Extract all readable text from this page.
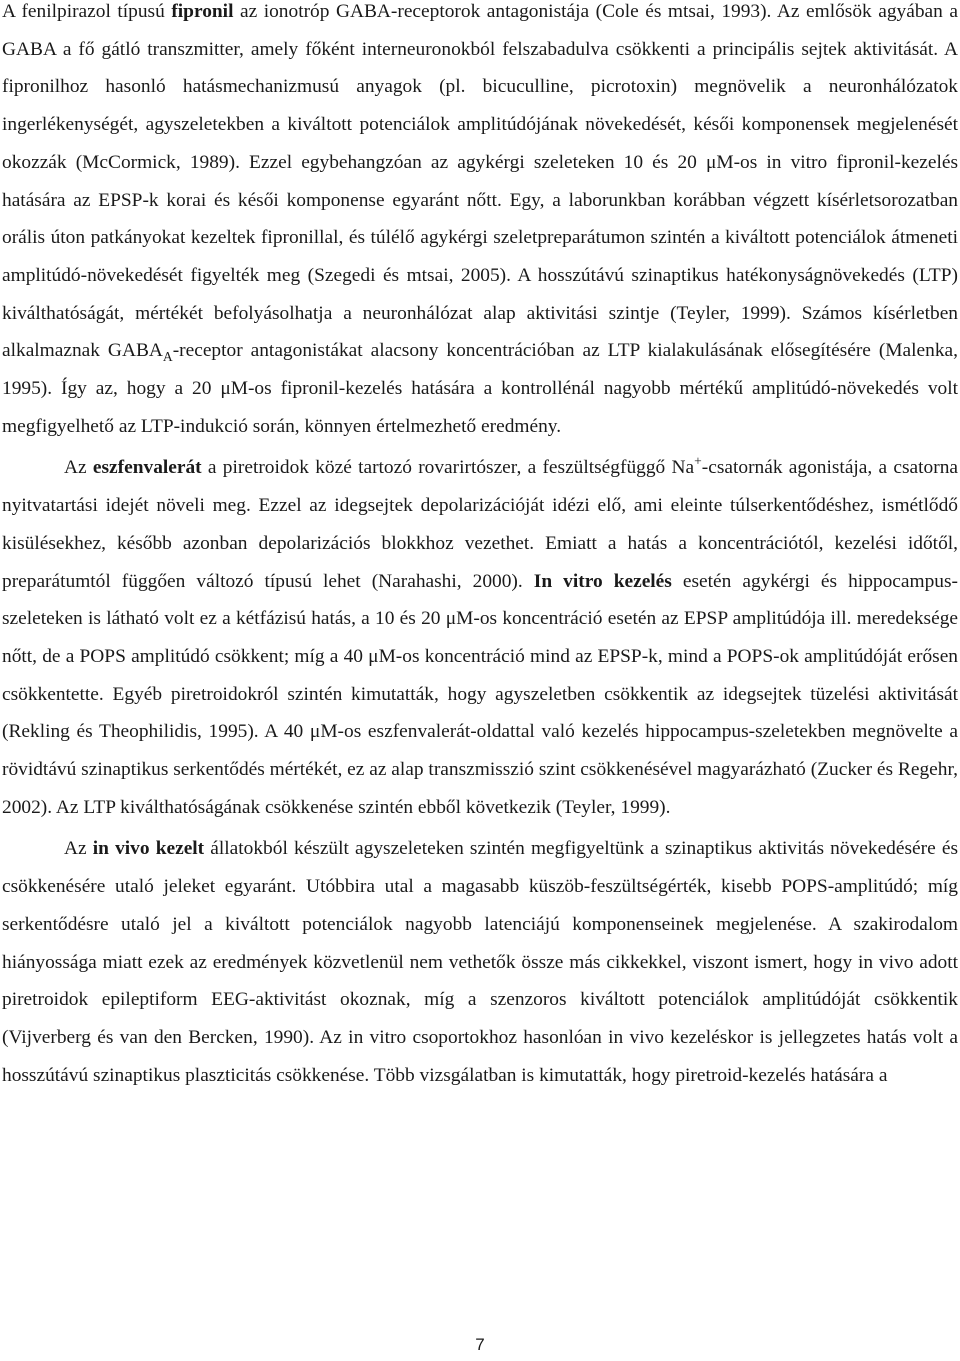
A fenilpirazol típusú fipronil az ionotróp GABA-receptorok antagonistája (Cole és mtsai, 1993). Az emlősök agyában a GABA a fő gátló transzmitter, amely főként interneuronokból felszabadulva csökkenti a principális sejtek aktivitását. A fipronilhoz hasonló hatásmechanizmusú anyagok (pl. bicuculline, picrotoxin) megnövelik a neuronhálózatok ingerlékenységét, agyszeletekben a kiváltott potenciálok amplitúdójának növekedését, késői komponensek megjelenését okozzák (McCormick, 1989). Ezzel egybehangzóan az agykérgi szeleteken 10 és 20 μM-os in vitro fipronil-kezelés hatására az EPSP-k korai és késői komponense egyaránt nőtt. Egy, a laborunkban korábban végzett kísérletsorozatban orális úton patkányokat kezeltek fipronillal, és túlélő agykérgi szeletpreparátumon szintén a kiváltott potenciálok átmeneti amplitúdó-növekedését figyelték meg (Szegedi és mtsai, 2005). A hosszútávú szinaptikus hatékonyságnövekedés (LTP) kiválthatóságát, mértékét befolyásolhatja a neuronhálózat alap aktivitási szintje (Teyler, 1999). Számos kísérletben alkalmaznak $GABA_A$-receptor antagonistákat alacsony koncentrációban az LTP kialakulásának elősegítésére (Malenka, 1995). Így az, hogy a 20 μM-os fipronil-kezelés hatására a kontrollénál nagyobb mértékű amplitúdó-növekedés volt megfigyelhető az LTP-indukció során, könnyen értelmezhető eredmény.

Az eszfenvalerát a piretroidok közé tartozó rovarirtószer, a feszültségfüggő Na+-csatornák agonistája, a csatorna nyitvatartási idejét növeli meg. Ezzel az idegsejtek depolarizációját idézi elő, ami eleinte túlserkentődéshez, ismétlődő kisülésekhez, később azonban depolarizációs blokkhoz vezethet. Emiatt a hatás a koncentrációtól, kezelési időtől, preparátumtól függően változó típusú lehet (Narahashi, 2000). In vitro kezelés esetén agykérgi és hippocampus-szeleteken is látható volt ez a kétfázisú hatás, a 10 és 20 μM-os koncentráció esetén az EPSP amplitúdója ill. meredeksége nőtt, de a POPS amplitúdó csökkent; míg a 40 μM-os koncentráció mind az EPSP-k, mind a POPS-ok amplitúdóját erősen csökkentette. Egyéb piretroidokról szintén kimutatták, hogy agyszeletben csökkentik az idegsejtek tüzelési aktivitását (Rekling és Theophilidis, 1995). A 40 μM-os eszfenvalerát-oldattal való kezelés hippocampus-szeletekben megnövelte a rövidtávú szinaptikus serkentődés mértékét, ez az alap transzmisszió szint csökkenésével magyarázható (Zucker és Regehr, 2002). Az LTP kiválthatóságának csökkenése szintén ebből következik (Teyler, 1999).

Az in vivo kezelt állatokból készült agyszeleteken szintén megfigyeltünk a szinaptikus aktivitás növekedésére és csökkenésére utaló jeleket egyaránt. Utóbbira utal a magasabb küszöb-feszültségérték, kisebb POPS-amplitúdó; míg serkentődésre utaló jel a kiváltott potenciálok nagyobb latenciájú komponenseinek megjelenése. A szakirodalom hiányossága miatt ezek az eredmények közvetlenül nem vethetők össze más cikkekkel, viszont ismert, hogy in vivo adott piretroidok epileptiform EEG-aktivitást okoznak, míg a szenzoros kiváltott potenciálok amplitúdóját csökkentik (Vijverberg és van den Bercken, 1990). Az in vitro csoportokhoz hasonlóan in vivo kezeléskor is jellegzetes hatás volt a hosszútávú szinaptikus plaszticitás csökkenése. Több vizsgálatban is kimutatták, hogy piretroid-kezelés hatására a

7
